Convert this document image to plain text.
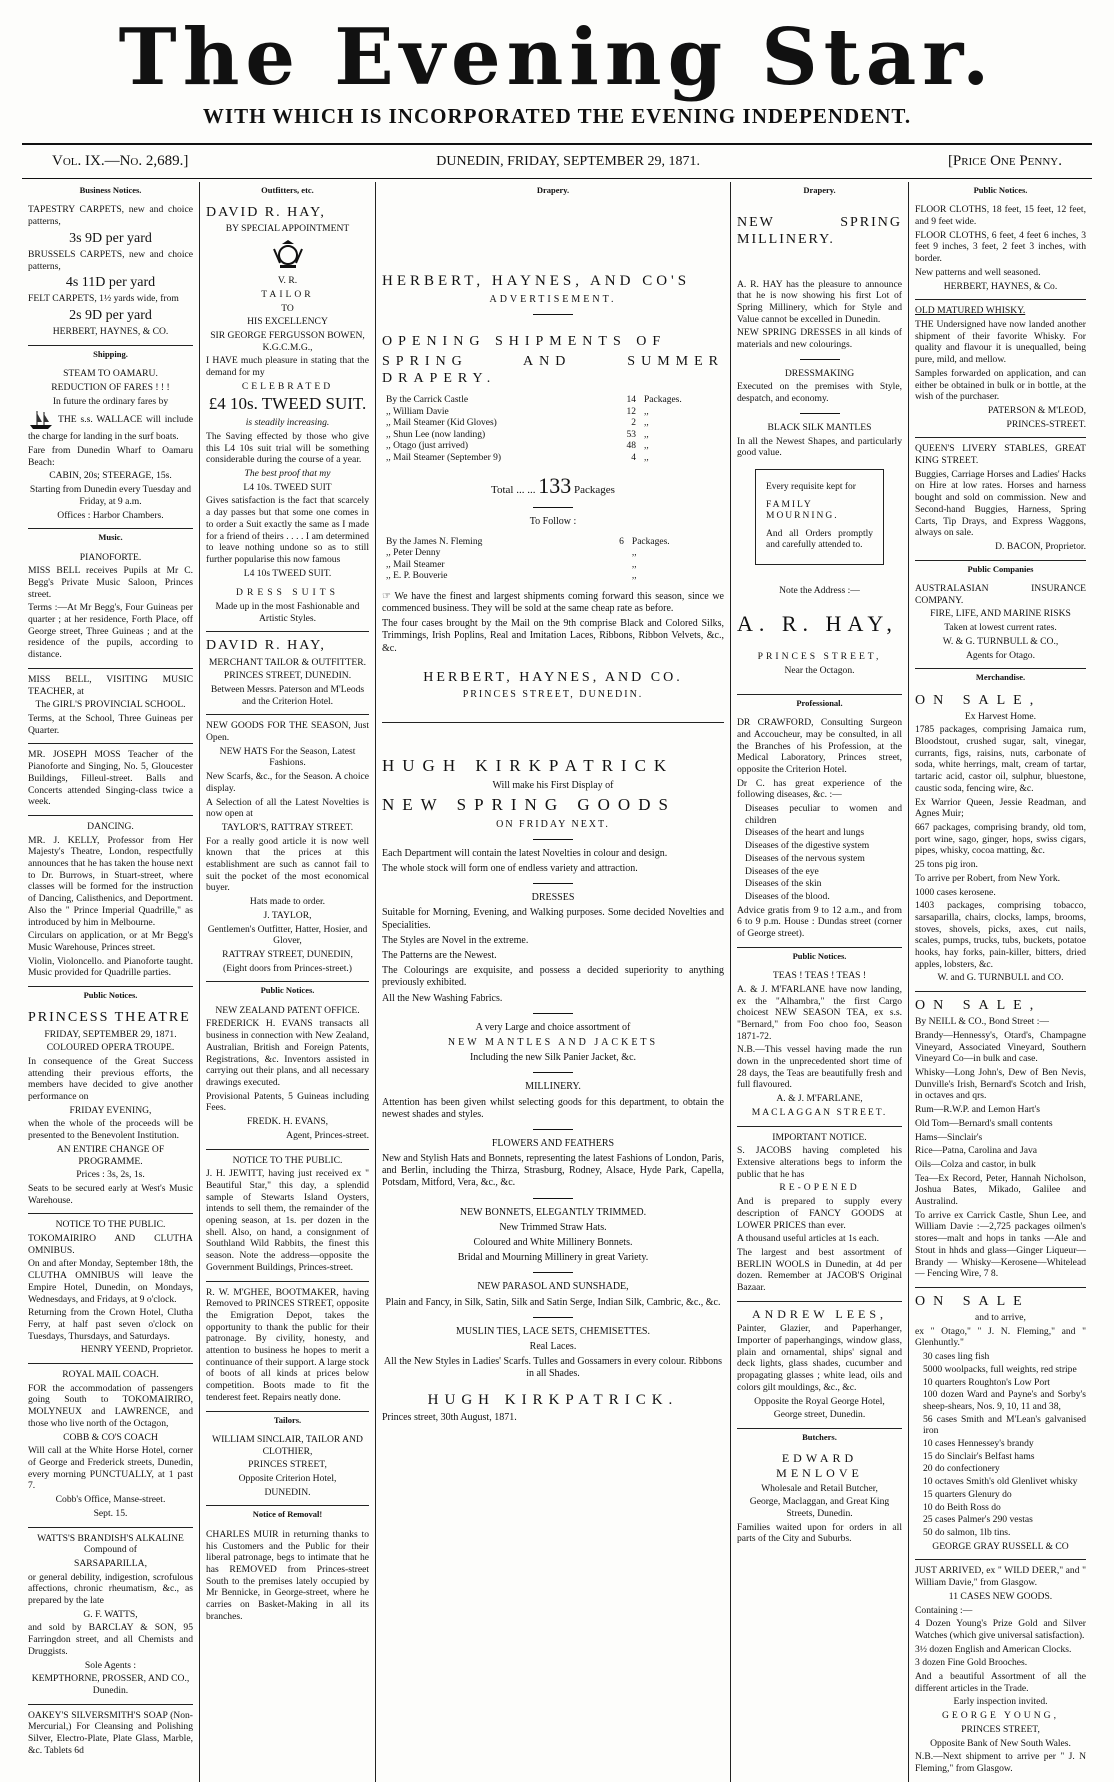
The Evening Star.
WITH WHICH IS INCORPORATED THE EVENING INDEPENDENT.
Vol. IX.—No. 2,689.]	DUNEDIN, FRIDAY, SEPTEMBER 29, 1871.	[Price One Penny.
Business Notices.

TAPESTRY CARPETS, new and choice patterns,

3s 9D per yard

BRUSSELS CARPETS, new and choice patterns,

4s 11D per yard

FELT CARPETS, 1½ yards wide, from

2s 9D per yard

HERBERT, HAYNES, & CO.

Shipping.

STEAM TO OAMARU.

REDUCTION OF FARES ! ! !

In future the ordinary fares by

THE s.s. WALLACE will include the charge for landing in the surf boats.

Fare from Dunedin Wharf to Oamaru Beach:

CABIN, 20s; STEERAGE, 15s.

Starting from Dunedin every Tuesday and Friday, at 9 a.m.

Offices : Harbor Chambers.

Music.

PIANOFORTE.

MISS BELL receives Pupils at Mr C. Begg's Private Music Saloon, Princes street.

Terms :—At Mr Begg's, Four Guineas per quarter ; at her residence, Forth Place, off George street, Three Guineas ; and at the residence of the pupils, according to distance.

MISS BELL, VISITING MUSIC TEACHER, at

The GIRL'S PROVINCIAL SCHOOL.

Terms, at the School, Three Guineas per Quarter.

MR. JOSEPH MOSS Teacher of the Pianoforte and Singing, No. 5, Gloucester Buildings, Filleul-street. Balls and Concerts attended Singing-class twice a week.

DANCING.

MR. J. KELLY, Professor from Her Majesty's Theatre, London, respectfully announces that he has taken the house next to Dr. Burrows, in Stuart-street, where classes will be formed for the instruction of Dancing, Calisthenics, and Deportment. Also the " Prince Imperial Quadrille," as introduced by him in Melbourne.

Circulars on application, or at Mr Begg's Music Warehouse, Princes street.

Violin, Violoncello. and Pianoforte taught. Music provided for Quadrille parties.

Public Notices.

PRINCESS THEATRE

FRIDAY, SEPTEMBER 29, 1871.

COLOURED OPERA TROUPE.

In consequence of the Great Success attending their previous efforts, the members have decided to give another performance on

FRIDAY EVENING,

when the whole of the proceeds will be presented to the Benevolent Institution.

AN ENTIRE CHANGE OF PROGRAMME.

Prices : 3s, 2s, 1s.

Seats to be secured early at West's Music Warehouse.

NOTICE TO THE PUBLIC.

TOKOMAIRIRO AND CLUTHA OMNIBUS.

On and after Monday, September 18th, the CLUTHA OMNIBUS will leave the Empire Hotel, Dunedin, on Mondays, Wednesdays, and Fridays, at 9 o'clock.

Returning from the Crown Hotel, Clutha Ferry, at half past seven o'clock on Tuesdays, Thursdays, and Saturdays.

HENRY YEEND, Proprietor.

ROYAL MAIL COACH.

FOR the accommodation of passengers going South to TOKOMAIRIRO, MOLYNEUX and LAWRENCE, and those who live north of the Octagon,

COBB & CO'S COACH

Will call at the White Horse Hotel, corner of George and Frederick streets, Dunedin, every morning PUNCTUALLY, at 1 past 7.

Cobb's Office, Manse-street.

Sept. 15.

WATTS'S BRANDISH'S ALKALINE Compound of

SARSAPARILLA,

or general debility, indigestion, scrofulous affections, chronic rheumatism, &c., as prepared by the late

G. F. WATTS,

and sold by BARCLAY & SON, 95 Farringdon street, and all Chemists and Druggists.

Sole Agents :

KEMPTHORNE, PROSSER, AND CO., Dunedin.

OAKEY'S SILVERSMITH'S SOAP (Non-Mercurial,) For Cleansing and Polishing Silver, Electro-Plate, Plate Glass, Marble, &c. Tablets 6d

Outfitters, etc.

DAVID R. HAY,

BY SPECIAL APPOINTMENT

V. R.

TAILOR

TO

HIS EXCELLENCY

SIR GEORGE FERGUSSON BOWEN, K.G.C.M.G.,

I HAVE much pleasure in stating that the demand for my

CELEBRATED

£4 10s. TWEED SUIT.

is steadily increasing.

The Saving effected by those who give this L4 10s suit trial will be something considerable during the course of a year.

The best proof that my

L4 10s. TWEED SUIT

Gives satisfaction is the fact that scarcely a day passes but that some one comes in to order a Suit exactly the same as I made for a friend of theirs . . . . I am determined to leave nothing undone so as to still further popularise this now famous

L4 10s TWEED SUIT.

DRESS SUITS

Made up in the most Fashionable and Artistic Styles.

DAVID R. HAY,

MERCHANT TAILOR & OUTFITTER.

PRINCES STREET, DUNEDIN.

Between Messrs. Paterson and M'Leods and the Criterion Hotel.

NEW GOODS FOR THE SEASON, Just Open.

NEW HATS For the Season, Latest Fashions.

New Scarfs, &c., for the Season. A choice display.

A Selection of all the Latest Novelties is now open at

TAYLOR'S, RATTRAY STREET.

For a really good article it is now well known that the prices at this establishment are such as cannot fail to suit the pocket of the most economical buyer.

Hats made to order.

J. TAYLOR,

Gentlemen's Outfitter, Hatter, Hosier, and Glover,

RATTRAY STREET, DUNEDIN,

(Eight doors from Princes-street.)

Public Notices.

NEW ZEALAND PATENT OFFICE.

FREDERICK H. EVANS transacts all business in connection with New Zealand, Australian, British and Foreign Patents, Registrations, &c. Inventors assisted in carrying out their plans, and all necessary drawings executed.

Provisional Patents, 5 Guineas including Fees.

FREDK. H. EVANS,

Agent, Princes-street.

NOTICE TO THE PUBLIC.

J. H. JEWITT, having just received ex " Beautiful Star," this day, a splendid sample of Stewarts Island Oysters, intends to sell them, the remainder of the opening season, at 1s. per dozen in the shell. Also, on hand, a consignment of Southland Wild Rabbits, the finest this season. Note the address—opposite the Government Buildings, Princes-street.

R. W. M'GHEE, BOOTMAKER, having Removed to PRINCES STREET, opposite the Emigration Depot, takes the opportunity to thank the public for their patronage. By civility, honesty, and attention to business he hopes to merit a continuance of their support. A large stock of boots of all kinds at prices below competition. Boots made to fit the tenderest feet. Repairs neatly done.

Tailors.

WILLIAM SINCLAIR, TAILOR AND CLOTHIER,

PRINCES STREET,

Opposite Criterion Hotel,

DUNEDIN.

Notice of Removal!

CHARLES MUIR in returning thanks to his Customers and the Public for their liberal patronage, begs to intimate that he has REMOVED from Princes-street South to the premises lately occupied by Mr Bennicke, in George-street, where he carries on Basket-Making in all its branches.

Drapery.

HERBERT, HAYNES, AND CO'S

ADVERTISEMENT.

OPENING SHIPMENTS OF

SPRING AND SUMMER DRAPERY.

By the Carrick Castle	14	Packages.
,, William Davie	12	,,
,, Mail Steamer (Kid Gloves)	2	,,
,, Shun Lee (now landing)	53	,,
,, Otago (just arrived)	48	,,
,, Mail Steamer (September 9)	4	,,

Total ... ... 133 Packages

To Follow :

By the James N. Fleming	6	Packages.
,, Peter Denny		,,
,, Mail Steamer		,,
,, E. P. Bouverie		,,

☞ We have the finest and largest shipments coming forward this season, since we commenced business. They will be sold at the same cheap rate as before.

The four cases brought by the Mail on the 9th comprise Black and Colored Silks, Trimmings, Irish Poplins, Real and Imitation Laces, Ribbons, Ribbon Velvets, &c., &c.

HERBERT, HAYNES, AND CO.

PRINCES STREET, DUNEDIN.

HUGH KIRKPATRICK

Will make his First Display of

NEW SPRING GOODS

ON FRIDAY NEXT.

Each Department will contain the latest Novelties in colour and design.

The whole stock will form one of endless variety and attraction.

DRESSES

Suitable for Morning, Evening, and Walking purposes. Some decided Novelties and Specialities.

The Styles are Novel in the extreme.

The Patterns are the Newest.

The Colourings are exquisite, and possess a decided superiority to anything previously exhibited.

All the New Washing Fabrics.

A very Large and choice assortment of

NEW MANTLES AND JACKETS

Including the new Silk Panier Jacket, &c.

MILLINERY.

Attention has been given whilst selecting goods for this department, to obtain the newest shades and styles.

FLOWERS AND FEATHERS

New and Stylish Hats and Bonnets, representing the latest Fashions of London, Paris, and Berlin, including the Thirza, Strasburg, Rodney, Alsace, Hyde Park, Capella, Potsdam, Mitford, Vera, &c., &c.

NEW BONNETS, ELEGANTLY TRIMMED.

New Trimmed Straw Hats.

Coloured and White Millinery Bonnets.

Bridal and Mourning Millinery in great Variety.

NEW PARASOL AND SUNSHADE,

Plain and Fancy, in Silk, Satin, Silk and Satin Serge, Indian Silk, Cambric, &c., &c.

MUSLIN TIES, LACE SETS, CHEMISETTES.

Real Laces.

All the New Styles in Ladies' Scarfs. Tulles and Gossamers in every colour. Ribbons in all Shades.

HUGH KIRKPATRICK.

Princes street, 30th August, 1871.

Drapery.

NEW SPRING MILLINERY.

A. R. HAY has the pleasure to announce that he is now showing his first Lot of Spring Millinery, which for Style and Value cannot be excelled in Dunedin.

NEW SPRING DRESSES in all kinds of materials and new colourings.

DRESSMAKING

Executed on the premises with Style, despatch, and economy.

BLACK SILK MANTLES

In all the Newest Shapes, and particularly good value.

Every requisite kept for

FAMILY MOURNING.

And all Orders promptly and carefully attended to.

Note the Address :—

A. R. HAY,

PRINCES STREET,

Near the Octagon.

Professional.

DR CRAWFORD, Consulting Surgeon and Accoucheur, may be consulted, in all the Branches of his Profession, at the Medical Laboratory, Princes street, opposite the Criterion Hotel.

Dr C. has great experience of the following diseases, &c. :—

Diseases peculiar to women and children

Diseases of the heart and lungs

Diseases of the digestive system

Diseases of the nervous system

Diseases of the eye

Diseases of the skin

Diseases of the blood.

Advice gratis from 9 to 12 a.m., and from 6 to 9 p.m. House : Dundas street (corner of George street).

Public Notices.

TEAS ! TEAS ! TEAS !

A. & J. M'FARLANE have now landing, ex the "Alhambra," the first Cargo choicest NEW SEASON TEA, ex s.s. "Bernard," from Foo choo foo, Season 1871-72.

N.B.—This vessel having made the run down in the unprecedented short time of 28 days, the Teas are beautifully fresh and full flavoured.

A. & J. M'FARLANE,

MACLAGGAN STREET.

IMPORTANT NOTICE.

S. JACOBS having completed his Extensive alterations begs to inform the public that he has

RE-OPENED

And is prepared to supply every description of FANCY GOODS at LOWER PRICES than ever.

A thousand useful articles at 1s each.

The largest and best assortment of BERLIN WOOLS in Dunedin, at 4d per dozen. Remember at JACOB'S Original Bazaar.

ANDREW LEES,

Painter, Glazier, and Paperhanger, Importer of paperhangings, window glass, plain and ornamental, ships' signal and deck lights, glass shades, cucumber and propagating glasses ; white lead, oils and colors gilt mouldings, &c., &c.

Opposite the Royal George Hotel,

George street, Dunedin.

Butchers.

EDWARD MENLOVE

Wholesale and Retail Butcher,

George, Maclaggan, and Great King Streets, Dunedin.

Families waited upon for orders in all parts of the City and Suburbs.

Public Notices.

FLOOR CLOTHS, 18 feet, 15 feet, 12 feet, and 9 feet wide.

FLOOR CLOTHS, 6 feet, 4 feet 6 inches, 3 feet 9 inches, 3 feet, 2 feet 3 inches, with border.

New patterns and well seasoned.

HERBERT, HAYNES, & Co.

OLD MATURED WHISKY.

THE Undersigned have now landed another shipment of their favorite Whisky. For quality and flavour it is unequalled, being pure, mild, and mellow.

Samples forwarded on application, and can either be obtained in bulk or in bottle, at the wish of the purchaser.

PATERSON & M'LEOD,

PRINCES-STREET.

QUEEN'S LIVERY STABLES, GREAT KING STREET.

Buggies, Carriage Horses and Ladies' Hacks on Hire at low rates. Horses and harness bought and sold on commission. New and Second-hand Buggies, Harness, Spring Carts, Tip Drays, and Express Waggons, always on sale.

D. BACON, Proprietor.

Public Companies

AUSTRALASIAN INSURANCE COMPANY.

FIRE, LIFE, AND MARINE RISKS

Taken at lowest current rates.

W. & G. TURNBULL & CO.,

Agents for Otago.

Merchandise.

ON SALE,

Ex Harvest Home.

1785 packages, comprising Jamaica rum, Bloodstout, crushed sugar, salt, vinegar, currants, figs, raisins, nuts, carbonate of soda, white herrings, malt, cream of tartar, tartaric acid, castor oil, sulphur, bluestone, caustic soda, fencing wire, &c.

Ex Warrior Queen, Jessie Readman, and Agnes Muir;

667 packages, comprising brandy, old tom, port wine, sago, ginger, hops, swiss cigars, pipes, whisky, cocoa matting, &c.

25 tons pig iron.

To arrive per Robert, from New York.

1000 cases kerosene.

1403 packages, comprising tobacco, sarsaparilla, chairs, clocks, lamps, brooms, stoves, shovels, picks, axes, cut nails, scales, pumps, trucks, tubs, buckets, potatoe hooks, hay forks, pain-killer, bitters, dried apples, lobsters, &c.

W. and G. TURNBULL and CO.

ON SALE,

By NEILL & CO., Bond Street :—

Brandy—Hennessy's, Otard's, Champagne Vineyard, Associated Vineyard, Southern Vineyard Co—in bulk and case.

Whisky—Long John's, Dew of Ben Nevis, Dunville's Irish, Bernard's Scotch and Irish, in octaves and qrs.

Rum—R.W.P. and Lemon Hart's

Old Tom—Bernard's small contents

Hams—Sinclair's

Rice—Patna, Carolina and Java

Oils—Colza and castor, in bulk

Tea—Ex Record, Peter, Hannah Nicholson, Joshua Bates, Mikado, Galilee and Australind.

To arrive ex Carrick Castle, Shun Lee, and William Davie :—2,725 packages oilmen's stores—malt and hops in tanks —Ale and Stout in hhds and glass—Ginger Liqueur—Brandy — Whisky—Kerosene—Whitelead — Fencing Wire, 7 8.

ON SALE

and to arrive,

ex " Otago," " J. N. Fleming," and " Glenhuntly."

30 cases ling fish

5000 woolpacks, full weights, red stripe

10 quarters Roughton's Low Port

100 dozen Ward and Payne's and Sorby's sheep-shears, Nos. 9, 10, 11 and 38,

56 cases Smith and M'Lean's galvanised iron

10 cases Hennessey's brandy

15 do Sinclair's Belfast hams

20 do confectionery

10 octaves Smith's old Glenlivet whisky

15 quarters Glenury do

10 do Beith Ross do

25 cases Palmer's 290 vestas

50 do salmon, 1lb tins.

GEORGE GRAY RUSSELL & CO

JUST ARRIVED, ex " WILD DEER," and " William Davie," from Glasgow.

11 CASES NEW GOODS.

Containing :—

4 Dozen Young's Prize Gold and Silver Watches (which give universal satisfaction).

3½ dozen English and American Clocks.

3 dozen Fine Gold Brooches.

And a beautiful Assortment of all the different articles in the Trade.

Early inspection invited.

GEORGE YOUNG,

PRINCES STREET,

Opposite Bank of New South Wales.

N.B.—Next shipment to arrive per " J. N Fleming," from Glasgow.
